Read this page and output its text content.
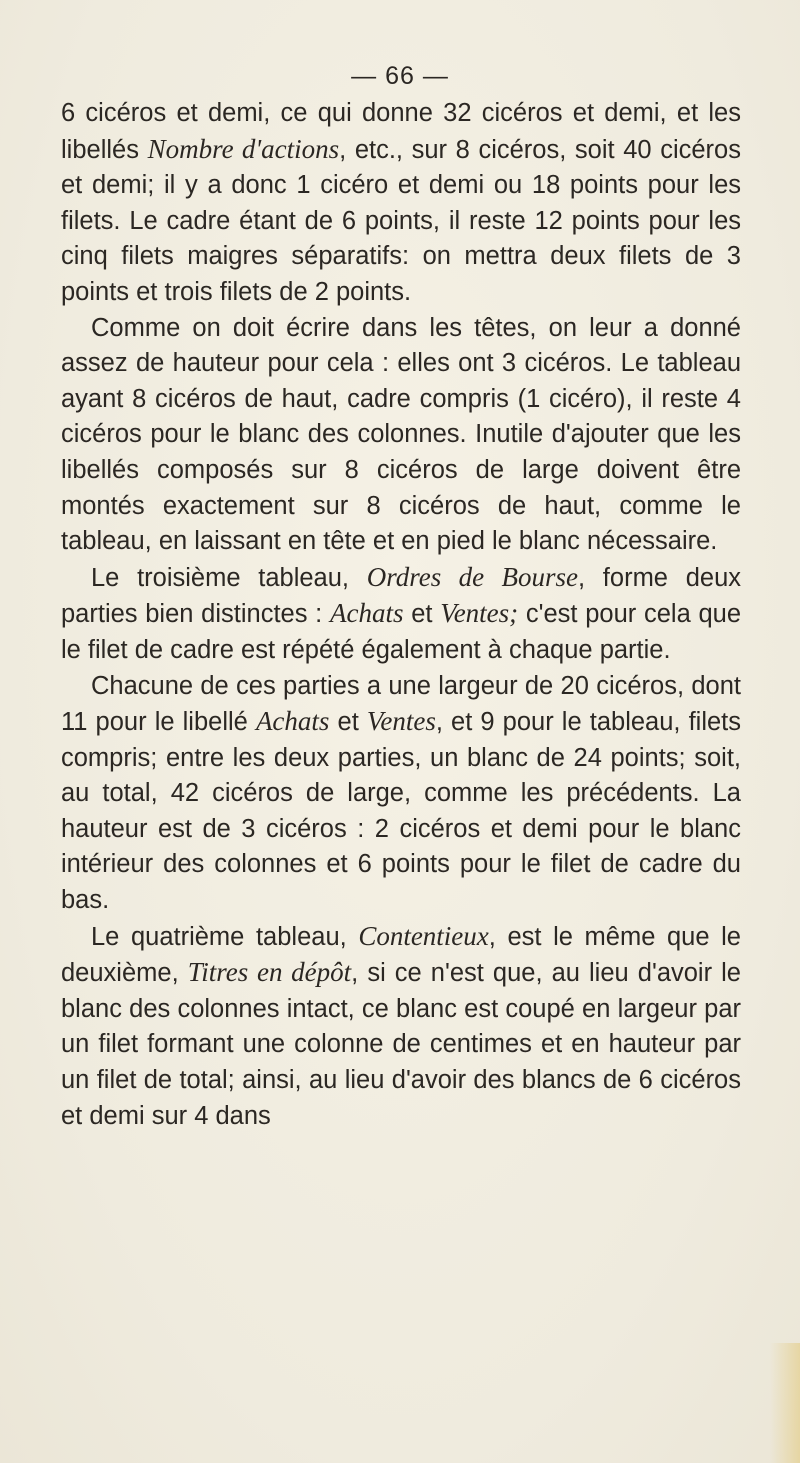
— 66 —

6 cicéros et demi, ce qui donne 32 cicéros et demi, et les libellés Nombre d'actions, etc., sur 8 cicéros, soit 40 cicéros et demi; il y a donc 1 cicéro et demi ou 18 points pour les filets. Le cadre étant de 6 points, il reste 12 points pour les cinq filets maigres séparatifs: on mettra deux filets de 3 points et trois filets de 2 points.

Comme on doit écrire dans les têtes, on leur a donné assez de hauteur pour cela : elles ont 3 cicéros. Le tableau ayant 8 cicéros de haut, cadre compris (1 cicéro), il reste 4 cicéros pour le blanc des colonnes. Inutile d'ajouter que les libellés composés sur 8 cicéros de large doivent être montés exactement sur 8 cicéros de haut, comme le tableau, en laissant en tête et en pied le blanc nécessaire.

Le troisième tableau, Ordres de Bourse, forme deux parties bien distinctes : Achats et Ventes; c'est pour cela que le filet de cadre est répété également à chaque partie.

Chacune de ces parties a une largeur de 20 cicéros, dont 11 pour le libellé Achats et Ventes, et 9 pour le tableau, filets compris; entre les deux parties, un blanc de 24 points; soit, au total, 42 cicéros de large, comme les précédents. La hauteur est de 3 cicéros : 2 cicéros et demi pour le blanc intérieur des colonnes et 6 points pour le filet de cadre du bas.

Le quatrième tableau, Contentieux, est le même que le deuxième, Titres en dépôt, si ce n'est que, au lieu d'avoir le blanc des colonnes intact, ce blanc est coupé en largeur par un filet formant une colonne de centimes et en hauteur par un filet de total; ainsi, au lieu d'avoir des blancs de 6 cicéros et demi sur 4 dans
